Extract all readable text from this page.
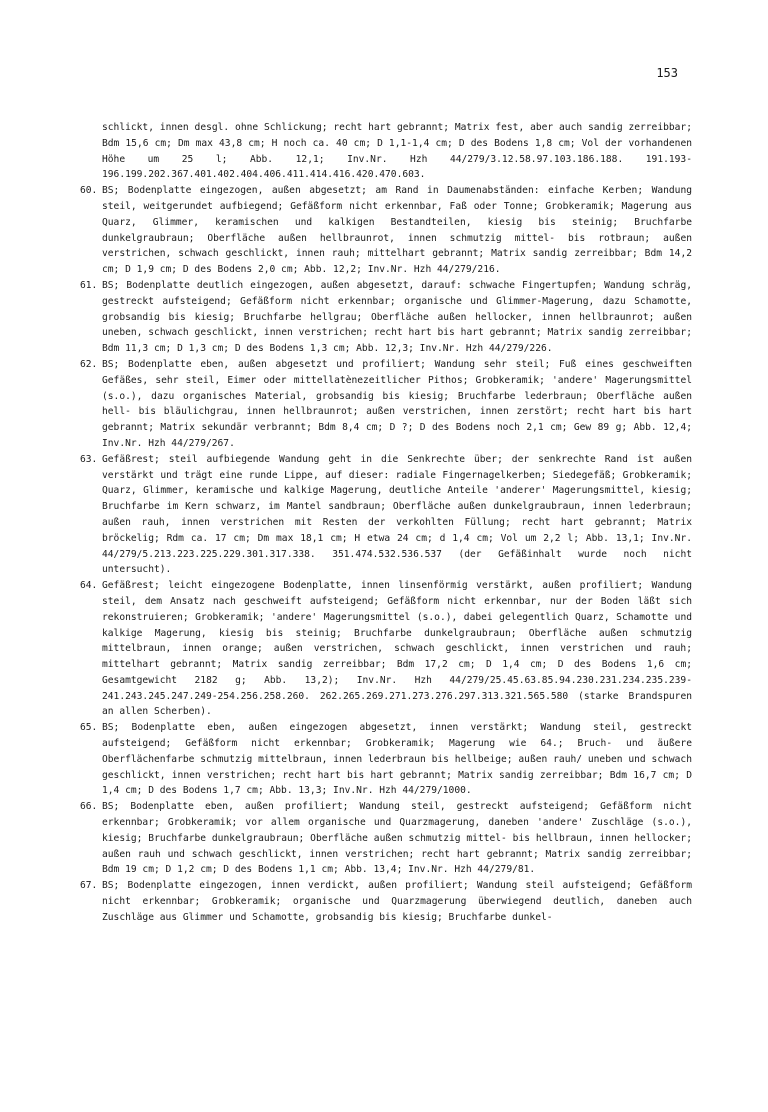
153

schlickt, innen desgl. ohne Schlickung; recht hart gebrannt; Matrix fest, aber auch sandig zerreibbar; Bdm 15,6 cm; Dm max 43,8 cm; H noch ca. 40 cm; D 1,1-1,4 cm; D des Bodens 1,8 cm; Vol der vorhandenen Höhe um 25 l; Abb. 12,1; Inv.Nr. Hzh 44/279/3.12.58.97.103.186.188. 191.193-196.199.202.367.401.402.404.406.411.414.416.420.470.603.

60. BS; Bodenplatte eingezogen, außen abgesetzt; am Rand in Daumenabständen: einfache Kerben; Wandung steil, weitgerundet aufbiegend; Gefäßform nicht erkennbar, Faß oder Tonne; Grobkeramik; Magerung aus Quarz, Glimmer, keramischen und kalkigen Bestandteilen, kiesig bis steinig; Bruchfarbe dunkelgraubraun; Oberfläche außen hellbraunrot, innen schmutzig mittel- bis rotbraun; außen verstrichen, schwach geschlickt, innen rauh; mittelhart gebrannt; Matrix sandig zerreibbar; Bdm 14,2 cm; D 1,9 cm; D des Bodens 2,0 cm; Abb. 12,2; Inv.Nr. Hzh 44/279/216.
61. BS; Bodenplatte deutlich eingezogen, außen abgesetzt, darauf: schwache Fingertupfen; Wandung schräg, gestreckt aufsteigend; Gefäßform nicht erkennbar; organische und Glimmer-Magerung, dazu Schamotte, grobsandig bis kiesig; Bruchfarbe hellgrau; Oberfläche außen hellocker, innen hellbraunrot; außen uneben, schwach geschlickt, innen verstrichen; recht hart bis hart gebrannt; Matrix sandig zerreibbar; Bdm 11,3 cm; D 1,3 cm; D des Bodens 1,3 cm; Abb. 12,3; Inv.Nr. Hzh 44/279/226.
62. BS; Bodenplatte eben, außen abgesetzt und profiliert; Wandung sehr steil; Fuß eines geschweiften Gefäßes, sehr steil, Eimer oder mittellatènezeitlicher Pithos; Grobkeramik; 'andere' Magerungsmittel (s.o.), dazu organisches Material, grobsandig bis kiesig; Bruchfarbe lederbraun; Oberfläche außen hell- bis bläulichgrau, innen hellbraunrot; außen verstrichen, innen zerstört; recht hart bis hart gebrannt; Matrix sekundär verbrannt; Bdm 8,4 cm; D ?; D des Bodens noch 2,1 cm; Gew 89 g; Abb. 12,4; Inv.Nr. Hzh 44/279/267.
63. Gefäßrest; steil aufbiegende Wandung geht in die Senkrechte über; der senkrechte Rand ist außen verstärkt und trägt eine runde Lippe, auf dieser: radiale Fingernagelkerben; Siedegefäß; Grobkeramik; Quarz, Glimmer, keramische und kalkige Magerung, deutliche Anteile 'anderer' Magerungsmittel, kiesig; Bruchfarbe im Kern schwarz, im Mantel sandbraun; Oberfläche außen dunkelgraubraun, innen lederbraun; außen rauh, innen verstrichen mit Resten der verkohlten Füllung; recht hart gebrannt; Matrix bröckelig; Rdm ca. 17 cm; Dm max 18,1 cm; H etwa 24 cm; d 1,4 cm; Vol um 2,2 l; Abb. 13,1; Inv.Nr. 44/279/5.213.223.225.229.301.317.338. 351.474.532.536.537 (der Gefäßinhalt wurde noch nicht untersucht).
64. Gefäßrest; leicht eingezogene Bodenplatte, innen linsenförmig verstärkt, außen profiliert; Wandung steil, dem Ansatz nach geschweift aufsteigend; Gefäßform nicht erkennbar, nur der Boden läßt sich rekonstruieren; Grobkeramik; 'andere' Magerungsmittel (s.o.), dabei gelegentlich Quarz, Schamotte und kalkige Magerung, kiesig bis steinig; Bruchfarbe dunkelgraubraun; Oberfläche außen schmutzig mittelbraun, innen orange; außen verstrichen, schwach geschlickt, innen verstrichen und rauh; mittelhart gebrannt; Matrix sandig zerreibbar; Bdm 17,2 cm; D 1,4 cm; D des Bodens 1,6 cm; Gesamtgewicht 2182 g; Abb. 13,2); Inv.Nr. Hzh 44/279/25.45.63.85.94.230.231.234.235.239-241.243.245.247.249-254.256.258.260. 262.265.269.271.273.276.297.313.321.565.580 (starke Brandspuren an allen Scherben).
65. BS; Bodenplatte eben, außen eingezogen abgesetzt, innen verstärkt; Wandung steil, gestreckt aufsteigend; Gefäßform nicht erkennbar; Grobkeramik; Magerung wie 64.; Bruch- und äußere Oberflächenfarbe schmutzig mittelbraun, innen lederbraun bis hellbeige; außen rauh/ uneben und schwach geschlickt, innen verstrichen; recht hart bis hart gebrannt; Matrix sandig zerreibbar; Bdm 16,7 cm; D 1,4 cm; D des Bodens 1,7 cm; Abb. 13,3; Inv.Nr. Hzh 44/279/1000.
66. BS; Bodenplatte eben, außen profiliert; Wandung steil, gestreckt aufsteigend; Gefäßform nicht erkennbar; Grobkeramik; vor allem organische und Quarzmagerung, daneben 'andere' Zuschläge (s.o.), kiesig; Bruchfarbe dunkelgraubraun; Oberfläche außen schmutzig mittel- bis hellbraun, innen hellocker; außen rauh und schwach geschlickt, innen verstrichen; recht hart gebrannt; Matrix sandig zerreibbar; Bdm 19 cm; D 1,2 cm; D des Bodens 1,1 cm; Abb. 13,4; Inv.Nr. Hzh 44/279/81.
67. BS; Bodenplatte eingezogen, innen verdickt, außen profiliert; Wandung steil aufsteigend; Gefäßform nicht erkennbar; Grobkeramik; organische und Quarzmagerung überwiegend deutlich, daneben auch Zuschläge aus Glimmer und Schamotte, grobsandig bis kiesig; Bruchfarbe dunkel-
